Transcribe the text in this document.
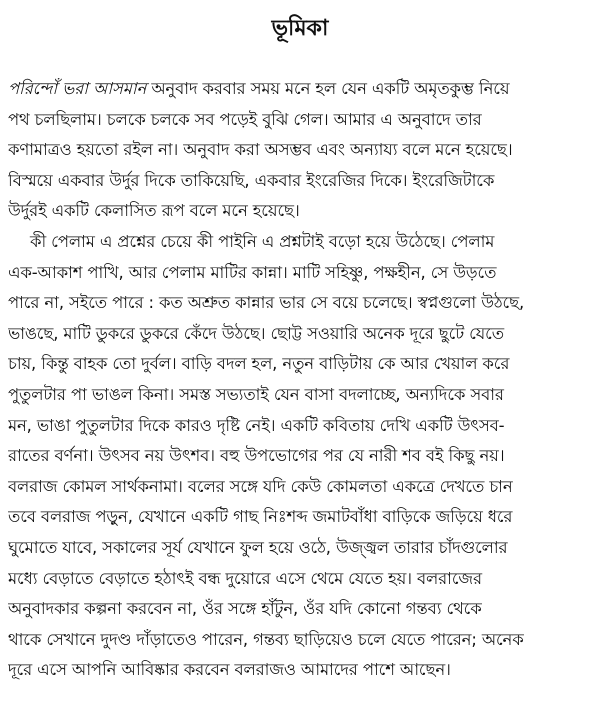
ভূমিকা
পরিন্দোঁ ভরা আসমান অনুবাদ করবার সময় মনে হল যেন একটি অমৃতকুম্ভ নিয়ে
পথ চলছিলাম। চলকে চলকে সব পড়েই বুঝি গেল। আমার এ অনুবাদে তার
কণামাত্রও হয়তো রইল না। অনুবাদ করা অসম্ভব এবং অন্যায্য বলে মনে হয়েছে।
বিস্ময়ে একবার উর্দুর দিকে তাকিয়েছি, একবার ইংরেজির দিকে। ইংরেজিটাকে
উর্দুরই একটি কেলাসিত রূপ বলে মনে হয়েছে।
কী পেলাম এ প্রশ্নের চেয়ে কী পাইনি এ প্রশ্নটাই বড়ো হয়ে উঠেছে। পেলাম
এক-আকাশ পাখি, আর পেলাম মাটির কান্না। মাটি সহিষ্ণু, পক্ষহীন, সে উড়তে
পারে না, সইতে পারে : কত অশ্রুত কান্নার ভার সে বয়ে চলেছে। স্বপ্নগুলো উঠছে,
ভাঙছে, মাটি ডুকরে ডুকরে কেঁদে উঠছে। ছোট্ট সওয়ারি অনেক দূরে ছুটে যেতে
চায়, কিন্তু বাহক তো দুর্বল। বাড়ি বদল হল, নতুন বাড়িটায় কে আর খেয়াল করে
পুতুলটার পা ভাঙল কিনা। সমস্ত সভ্যতাই যেন বাসা বদলাচ্ছে, অন্যদিকে সবার
মন, ভাঙা পুতুলটার দিকে কারও দৃষ্টি নেই। একটি কবিতায় দেখি একটি উৎসব-
রাতের বর্ণনা। উৎসব নয় উৎশব। বহু উপভোগের পর যে নারী শব বই কিছু নয়।
বলরাজ কোমল সার্থকনামা। বলের সঙ্গে যদি কেউ কোমলতা একত্রে দেখতে চান
তবে বলরাজ পড়ুন, যেখানে একটি গাছ নিঃশব্দ জমাটবাঁধা বাড়িকে জড়িয়ে ধরে
ঘুমোতে যাবে, সকালের সূর্য যেখানে ফুল হয়ে ওঠে, উজ্জ্বল তারার চাঁদগুলোর
মধ্যে বেড়াতে বেড়াতে হঠাৎই বন্ধ দুয়োরে এসে থেমে যেতে হয়। বলরাজের
অনুবাদকার কল্পনা করবেন না, ওঁর সঙ্গে হাঁটুন, ওঁর যদি কোনো গন্তব্য থেকে
থাকে সেখানে দুদণ্ড দাঁড়াতেও পারেন, গন্তব্য ছাড়িয়েও চলে যেতে পারেন; অনেক
দূরে এসে আপনি আবিষ্কার করবেন বলরাজও আমাদের পাশে আছেন।
